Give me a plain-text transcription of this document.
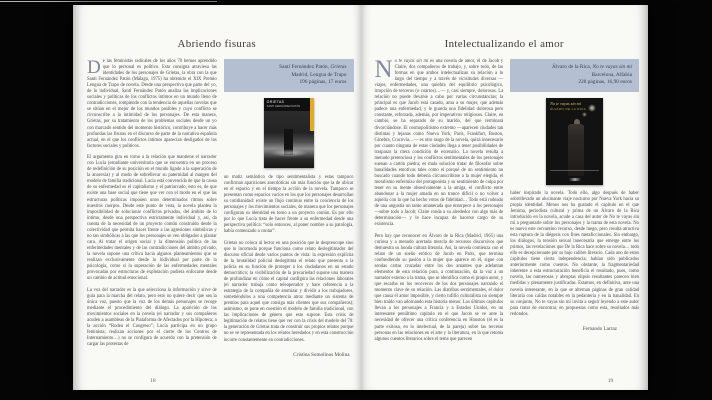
Abriendo fisuras

De las feministas radicales de los años 70 hemos aprendido que lo personal es político. Esta consigna atraviesa las identidades de los personajes de Grietas, la obra con la que Santi Fernández Patón (Málaga, 1975) ha obtenido el XIX Premio Lengua de Trapo de novela. Desde una perspectiva que parte del yo, de lo individual, Santi Fernández Patón analiza las implicaciones sociales y políticas de los conflictos íntimos en un mundo lleno de contradicciones, rompiendo con la tendencia de aquellas novelas que se sitúan en el mejor de los mundos posibles y cuyo conflicto se circunscribe a la intimidad de los personajes. De esta manera, Grietas, por su tratamiento de los problemas sociales desde un yo con marcado sentido del momento histórico, contribuye a hacer más profundas las fisuras en el discurso de parte de la narrativa española actual, en el que los conflictos íntimos aparecían desligados de los factores sociales y políticos.

El argumento gira en torno a la relación que mantiene el narrador con Lucía (estudiante universitaria que se encuentra en un proceso de redefinición de su posición en el mundo ligado a la superación de la anorexia) y al modo de sobrellevar su paternidad al margen del modelo de familia tradicional. Lucía está convencida de que la causa de su enfermedad es el capitalismo y el patriarcado, esto es, de que existe una base social que tiene que ver con el modo en el que las estructuras políticas imponen unos determinados ritmos sobre nuestros cuerpos. Desde este punto de vista, la novela plantea la imposibilidad de solucionar conflictos privados, del ámbito de lo íntimo, desde una perspectiva estrictamente individual y, así, da cuenta de la necesidad de un proyecto común construido desde la colectividad que permita hacer frente a las agresiones simbólicas y no tan simbólicas a las que los personajes se ven obligados a plantar cara. Al tratar el origen social y la dimensión política de las enfermedades mentales y de las contradicciones del ámbito privado, la novela supone una crítica hacia algunos planteamientos que se realizan exclusivamente desde lo individual por parte de la psicología, como si la superación de las enfermedades mentales provocadas por estructuras de explotación pudiera enfocarse desde un cambio de actitud emocional.

La voz del narrador es la que selecciona la información y sirve de guía para la marcha del relato, pero esto no quiere decir que sea la única voz, puesto que la voz de los demás personajes se recoge mediante el procedimiento del diálogo. La aparición de los movimientos sociales en la novela (el narrador y sus compañeros acuden a asambleas de la Plataforma de Afectados por la Hipoteca; a la acción “Rodea el Congreso”; Lucía participa en un grupo feminista; realizan acciones por el cierre de los Centros de Internamiento…) no se configura de acuerdo con la pretensión de cargar las protestas de

Santi Fernández Patón, Grietas
Madrid, Lengua de Trapo
196 páginas, 17 euros
GRIETAS
SANTI FERNÁNDEZ PATÓN

un matiz semántico de tipo sentimentalista y estas tampoco confirman apariciones anecdóticas sin más función que la de ubicar en el espacio y en el tiempo la acción de la novela. Tampoco se presentan como espacios vacíos en los que los personajes desarrollan su cotidianidad: existe un flujo continuo entre la conciencia de los personajes y los movimientos sociales, de manera que los personajes configuran su identidad en torno a un proyecto común. Es por ello por lo que Lucía trata de hacer frente a su enfermedad desde una perspectiva política: “solo entonces, al poner nombre a su patología, había comenzado a contar”.

Grietas no coloca al lector en una posición que le despreocupe sino que lo incomoda porque funciona como relato deslegitimador del discurso oficial desde varios puntos de vista: la expresión explícita de la brutalidad policial deslegitima el relato que presenta a la policía en su función de proteger a los ciudadanos en un estado democrático; la visibilización de la precariedad supone una manera de profundizar en cómo el capital configura las relaciones laborales (el narrador trabaja como teleoperador y hace referencia a la estrategia de la compañía de atomizar y dividir a los trabajadores, sometiéndolos a una competencia atroz mediante un sistema de premios para aquel que consiga más clientes que sus compañeros); asimismo, se pone en cuestión el modelo de familia tradicional, con las implicaciones de género que esto supone. Esta crisis de legitimación de relatos tiene que ver con la crisis del modelo del 78: la generación de Grietas trata de construir sus propios relatos porque no se ve representada en los relatos heredados y en esta construcción incurre constantemente en contradicciones.

Cristina Somolinos Molina
18
Intelectualizando el amor

No te vayas sin mí es una novela de amor, el de Jacob y Claire, dos compañeros de trabajo, y, sobre todo, de las formas en que ambos intelectualizan su relación a lo largo del tiempo y a través de vicisitudes diversas —viajes, enfermedades, una quiebra del equilibrio psicológico, irrupción de terceros (o cuartos)…— y, casi siempre, dolorosas. La relación no puede llevarse a cabo por varias circunstancias; la principal es que Jacob está casado, ama a su mujer, que además padece una enfermedad, y le guarda una fidelidad dolorosa pero constante, reforzada, además, por imperativos religiosos. Claire, en cambio, se ha separado de su marido, del que terminará divorciándose. El cosmopolitismo extremo —aparecen ciudades tan distintas y lejanas como Nueva York, París, Frankfurt, Boston, Ginebra, Cracovia…— es otro rasgo de la novela, quizá innecesario por cuanto ninguna de estas ciudades llega a tener posibilidades de traspasar la mera condición de escenario. La novela resulta a menudo pretenciosa y los conflictos sentimentales de los personajes suenan a cartón piedra; es mala solución tratar de filosofar sobre banalidades emotivas tales como el porqué de un sentimiento no buscado cuando todo debería circunscribirse a la mujer elegida, el moralismo enfermizo del protagonista y su sentimiento de culpa por tener en su mente obsesivamente a la amiga, el conflicto entre abandonar a la mujer amada en un trance difícil o no volver a aquella con la que ha hecho votos de fidelidad… Todo está rodeado de una angustia un tanto amanerada que entorpece a los personajes —sobre todo a Jacob; Claire ronda a su alrededor con algo más de determinación— y le hace incapaz de hacerse cargo de su existencia.

Pero hay que reconocer en Álvaro de la Rica (Madrid, 1965) una curiosa y a menudo acertada mezcla de recursos discursivos que demuestra su honda cultura literaria. Así, la novela comienza con el relato de un sueño erótico de Jacob en París, que termina confundiendo su pasión a la mujer que aparece en él, sigue con sendas cartas cruzadas entre los dos amantes que adelantan elementos de esta relación pura, a continuación, da la voz a un narrador externo a la trama, que se identifica como el propio autor, y que escarba en los recovecos de los dos personajes narrando el momento clave de su relación. Las diatribas sentimentales, el dolor que causa el amor imposible, y cierto tufillo culturalista no siempre bien traído van adornando esta historia menor. Los últimos capítulos llevan a los personajes a Francia y a Estados Unidos, en un interesante penúltimo capítulo en el que Jacob se ve ante la necesidad de ofrecer una crítica conferencia en Houston (él es la parte exitosa, en lo intelectual, de la pareja) sobre las terceras personas en las relaciones en el arte y la literatura, en la que retoma algunos cuentos literarios sobre el tema que parecen

Álvaro de la Rica, No te vayas sin mí
Barcelona, Alfabia
228 páginas, 16,90 euros
No te vayas sin mí
ÁLVARO DE LA RICA

haber inspirado la novela. Todo ello, algo después de haber sobrellevado un alucinante viaje nocturno por Nueva York hacia su propia identidad. Menos nos ha gustado el capítulo en el que Jemima, periodista cultural y prima de un Álvaro de la Rica introducido en la novela, acude a casa del autor de No te vayas sin mí a preguntarle sobre los personajes y la trama de esta novela. No es nuevo este cervantino recurso, desde luego, pero resulta atractiva esta ruptura de la diégesis con fines metaficcionales. Sin embargo, los diálogos, la tensión sexual innecesaria que emerge entre los primos, las revelaciones que De la Rica hace sobre su novela… todo ello es decepcionante por su bajo calibre literario. Cada uno de estos capítulos tiene cierta independencia; habían sido publicados anteriormente como cuentos. No obstante, la fragmentariedad inherente a esta estructuración beneficia el resultado, pues, como novela, las numerosas y abruptas elipsis resultantes parecen bien medidas y plenamente justificadas. Estamos, en definitiva, ante una novela interesante, en la que se alternan páginas de gran calidad literaria con caídas notables en la pedantería y en la banalidad. En su conjunto, No te vayas sin mí invita a seguir leyendo a este autor para tratar de encontrar, en propuestas como esta, resultados más redondos.

Fernando Larraz
19
